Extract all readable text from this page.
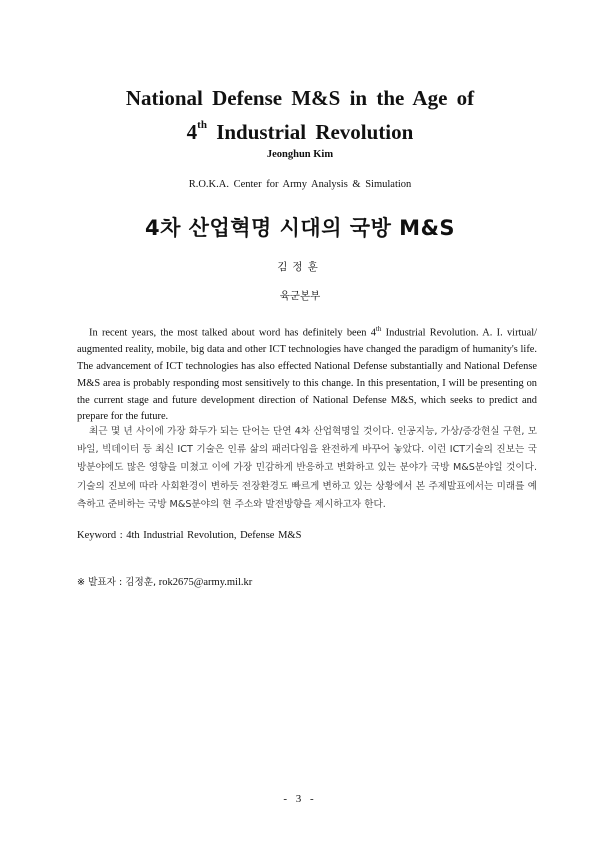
National Defense M&S in the Age of
4th Industrial Revolution
Jeonghun Kim
R.O.K.A. Center for Army Analysis & Simulation
4차 산업혁명 시대의 국방 M&S
김정훈
육군본부

In recent years, the most talked about word has definitely been 4th Industrial Revolution. A. I. virtual/ augmented reality, mobile, big data and other ICT technologies have changed the paradigm of humanity's life. The advancement of ICT technologies has also effected National Defense substantially and National Defense M&S area is probably responding most sensitively to this change. In this presentation, I will be presenting on the current stage and future development direction of National Defense M&S, which seeks to predict and prepare for the future.

최근 몇 년 사이에 가장 화두가 되는 단어는 단연 4차 산업혁명일 것이다. 인공지능, 가상/증강현실 구현, 모바일, 빅데이터 등 최신 ICT 기술은 인류 삶의 패러다임을 완전하게 바꾸어 놓았다. 이런 ICT기술의 진보는 국방분야에도 많은 영향을 미쳤고 이에 가장 민감하게 반응하고 변화하고 있는 분야가 국방 M&S분야일 것이다. 기술의 진보에 따라 사회환경이 변하듯 전장환경도 빠르게 변하고 있는 상황에서 본 주제발표에서는 미래를 예측하고 준비하는 국방 M&S분야의 현 주소와 발전방향을 제시하고자 한다.

Keyword : 4th Industrial Revolution, Defense M&S
※ 발표자 : 김정훈, rok2675@army.mil.kr
- 3 -
